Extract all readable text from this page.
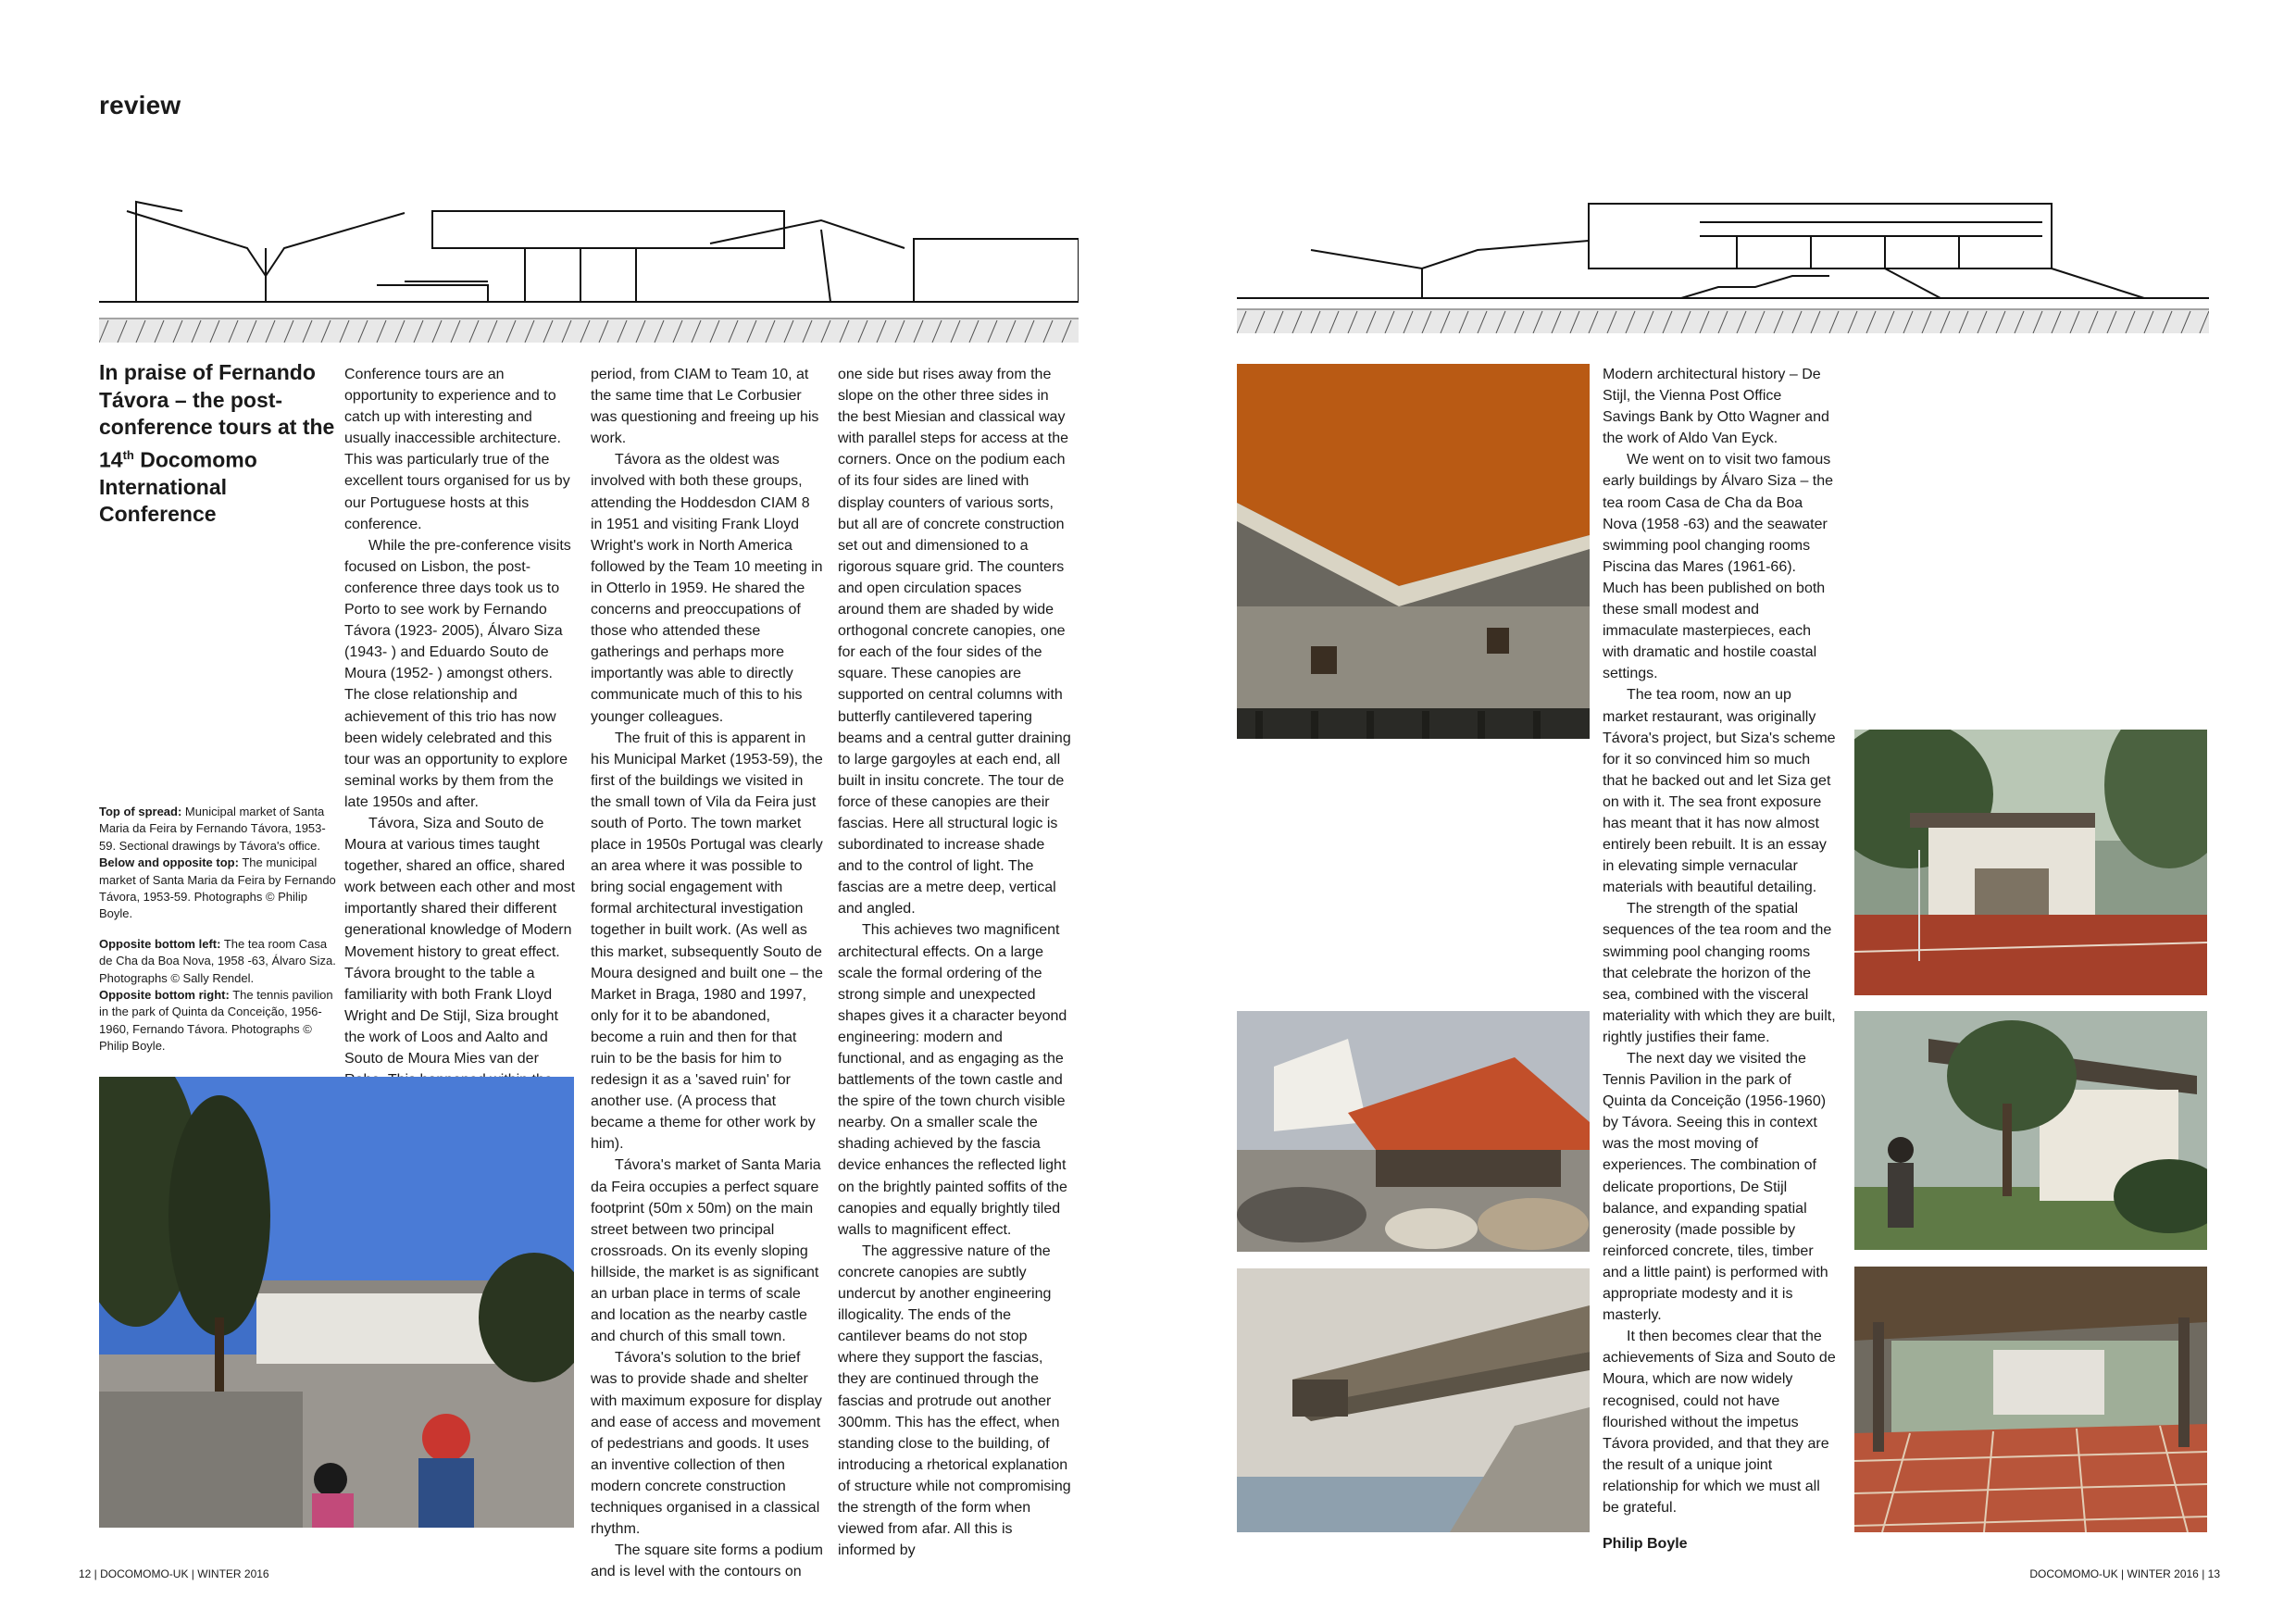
review
In praise of Fernando Távora – the post-conference tours at the 14th Docomomo International Conference

Top of spread: Municipal market of Santa Maria da Feira by Fernando Távora, 1953-59. Sectional drawings by Távora's office.
Below and opposite top: The municipal market of Santa Maria da Feira by Fernando Távora, 1953-59. Photographs © Philip Boyle.

Opposite bottom left: The tea room Casa de Cha da Boa Nova, 1958 -63, Álvaro Siza. Photographs © Sally Rendel.
Opposite bottom right: The tennis pavilion in the park of Quinta da Conceição, 1956-1960, Fernando Távora. Photographs © Philip Boyle.

Conference tours are an opportunity to experience and to catch up with interesting and usually inaccessible architecture. This was particularly true of the excellent tours organised for us by our Portuguese hosts at this conference.

While the pre-conference visits focused on Lisbon, the post-conference three days took us to Porto to see work by Fernando Távora (1923- 2005), Álvaro Siza (1943- ) and Eduardo Souto de Moura (1952- ) amongst others. The close relationship and achievement of this trio has now been widely celebrated and this tour was an opportunity to explore seminal works by them from the late 1950s and after.

Távora, Siza and Souto de Moura at various times taught together, shared an office, shared work between each other and most importantly shared their different generational knowledge of Modern Movement history to great effect. Távora brought to the table a familiarity with both Frank Lloyd Wright and De Stijl, Siza brought the work of Loos and Aalto and Souto de Moura Mies van der

period, from CIAM to Team 10, at the same time that Le Corbusier was questioning and freeing up his work.

Távora as the oldest was involved with both these groups, attending the Hoddesdon CIAM 8 in 1951 and visiting Frank Lloyd Wright's work in North America followed by the Team 10 meeting in in Otterlo in 1959. He shared the concerns and preoccupations of those who attended these gatherings and perhaps more importantly was able to directly communicate much of this to his younger colleagues.

The fruit of this is apparent in his Municipal Market (1953-59), the first of the buildings we visited in the small town of Vila da Feira just south of Porto. The town market place in 1950s Portugal was clearly an area where it was possible to bring social engagement with formal architectural investigation together in built work. (As well as this market, subsequently Souto de Moura designed and built one – the Market in Braga, 1980 and 1997, only for it to be abandoned, become a ruin and then for that ruin to be the basis for him to redesign it as a 'saved ruin' for another use. (A process that became a theme for other work by him).

Távora's market of Santa Maria da Feira occupies a perfect square footprint (50m x 50m) on the main street between two principal crossroads. On its evenly sloping hillside, the market is as significant an urban place in terms of scale and location as the nearby castle and church of this small town.

Távora's solution to the brief was to provide shade and shelter with maximum exposure for display and ease of access and movement of pedestrians and goods. It uses an inventive collection of then modern concrete construction techniques organised in a classical rhythm.

The square site forms a podium and is level with the contours on

one side but rises away from the slope on the other three sides in the best Miesian and classical way with parallel steps for access at the corners. Once on the podium each of its four sides are lined with display counters of various sorts, but all are of concrete construction set out and dimensioned to a rigorous square grid. The counters and open circulation spaces around them are shaded by wide orthogonal concrete canopies, one for each of the four sides of the square. These canopies are supported on central columns with butterfly cantilevered tapering beams and a central gutter draining to large gargoyles at each end, all built in insitu concrete. The tour de force of these canopies are their fascias. Here all structural logic is subordinated to increase shade and to the control of light. The fascias are a metre deep, vertical and angled.

This achieves two magnificent architectural effects. On a large scale the formal ordering of the strong simple and unexpected shapes gives it a character beyond engineering: modern and functional, and as engaging as the battlements of the town castle and the spire of the town church visible nearby. On a smaller scale the shading achieved by the fascia device enhances the reflected light on the brightly painted soffits of the canopies and equally brightly tiled walls to magnificent effect.

The aggressive nature of the concrete canopies are subtly undercut by another engineering illogicality. The ends of the cantilever beams do not stop where they support the fascias, they are continued through the fascias and protrude out another 300mm. This has the effect, when standing close to the building, of introducing a rhetorical explanation of structure while not compromising the strength of the form when viewed from afar. All this is informed by

Modern architectural history – De Stijl, the Vienna Post Office Savings Bank by Otto Wagner and the work of Aldo Van Eyck.

We went on to visit two famous early buildings by Álvaro Siza – the tea room Casa de Cha da Boa Nova (1958 -63) and the seawater swimming pool changing rooms Piscina das Mares (1961-66). Much has been published on both these small modest and immaculate masterpieces, each with dramatic and hostile coastal settings.

The tea room, now an up market restaurant, was originally Távora's project, but Siza's scheme for it so convinced him so much that he backed out and let Siza get on with it. The sea front exposure has meant that it has now almost entirely been rebuilt. It is an essay in elevating simple vernacular materials with beautiful detailing.

The strength of the spatial sequences of the tea room and the swimming pool changing rooms that celebrate the horizon of the sea, combined with the visceral materiality with which they are built, rightly justifies their fame.

The next day we visited the Tennis Pavilion in the park of Quinta da Conceição (1956-1960) by Távora. Seeing this in context was the most moving of experiences. The combination of delicate proportions, De Stijl balance, and expanding spatial generosity (made possible by reinforced concrete, tiles, timber and a little paint) is performed with appropriate modesty and it is masterly.

It then becomes clear that the achievements of Siza and Souto de Moura, which are now widely recognised, could not have flourished without the impetus Távora provided, and that they are the result of a unique joint relationship for which we must all be grateful.

Philip Boyle

12 | DOCOMOMO-UK | WINTER 2016	DOCOMOMO-UK | WINTER 2016 | 13
